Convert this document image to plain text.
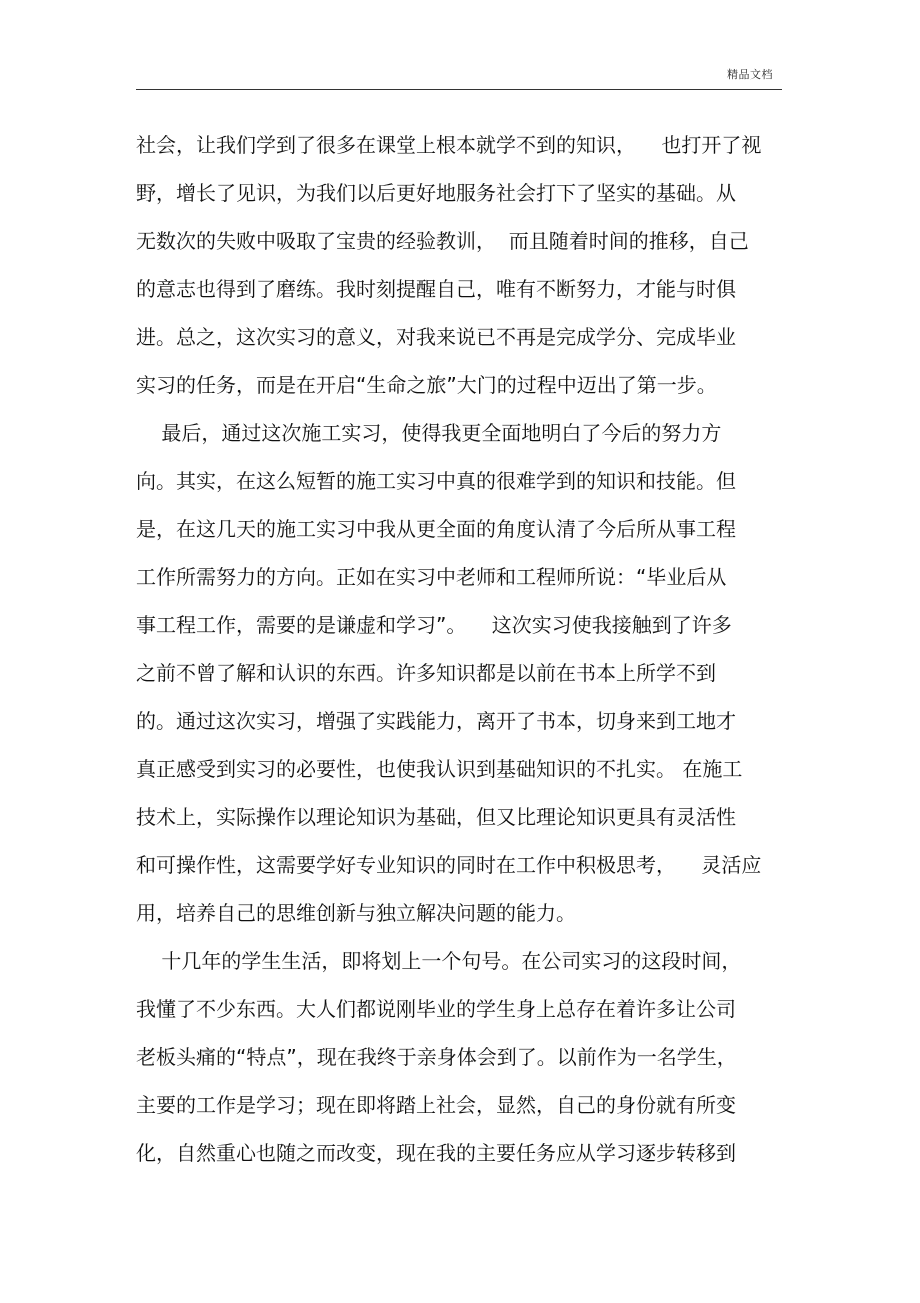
精品文档
社会，让我们学到了很多在课堂上根本就学不到的知识，    也打开了视
野，增长了见识，为我们以后更好地服务社会打下了坚实的基础。从
无数次的失败中吸取了宝贵的经验教训，  而且随着时间的推移，自己
的意志也得到了磨练。我时刻提醒自己，唯有不断努力，才能与时俱
进。总之，这次实习的意义，对我来说已不再是完成学分、完成毕业
实习的任务，而是在开启“生命之旅”大门的过程中迈出了第一步。
最后，通过这次施工实习，使得我更全面地明白了今后的努力方
向。其实，在这么短暂的施工实习中真的很难学到的知识和技能。但
是，在这几天的施工实习中我从更全面的角度认清了今后所从事工程
工作所需努力的方向。正如在实习中老师和工程师所说：“毕业后从
事工程工作，需要的是谦虚和学习”。    这次实习使我接触到了许多
之前不曾了解和认识的东西。许多知识都是以前在书本上所学不到
的。通过这次实习，增强了实践能力，离开了书本，切身来到工地才
真正感受到实习的必要性，也使我认识到基础知识的不扎实。 在施工
技术上，实际操作以理论知识为基础，但又比理论知识更具有灵活性
和可操作性，这需要学好专业知识的同时在工作中积极思考，    灵活应
用，培养自己的思维创新与独立解决问题的能力。
十几年的学生生活，即将划上一个句号。在公司实习的这段时间，
我懂了不少东西。大人们都说刚毕业的学生身上总存在着许多让公司
老板头痛的“特点”，现在我终于亲身体会到了。以前作为一名学生，
主要的工作是学习；现在即将踏上社会，显然，自己的身份就有所变
化，自然重心也随之而改变，现在我的主要任务应从学习逐步转移到
